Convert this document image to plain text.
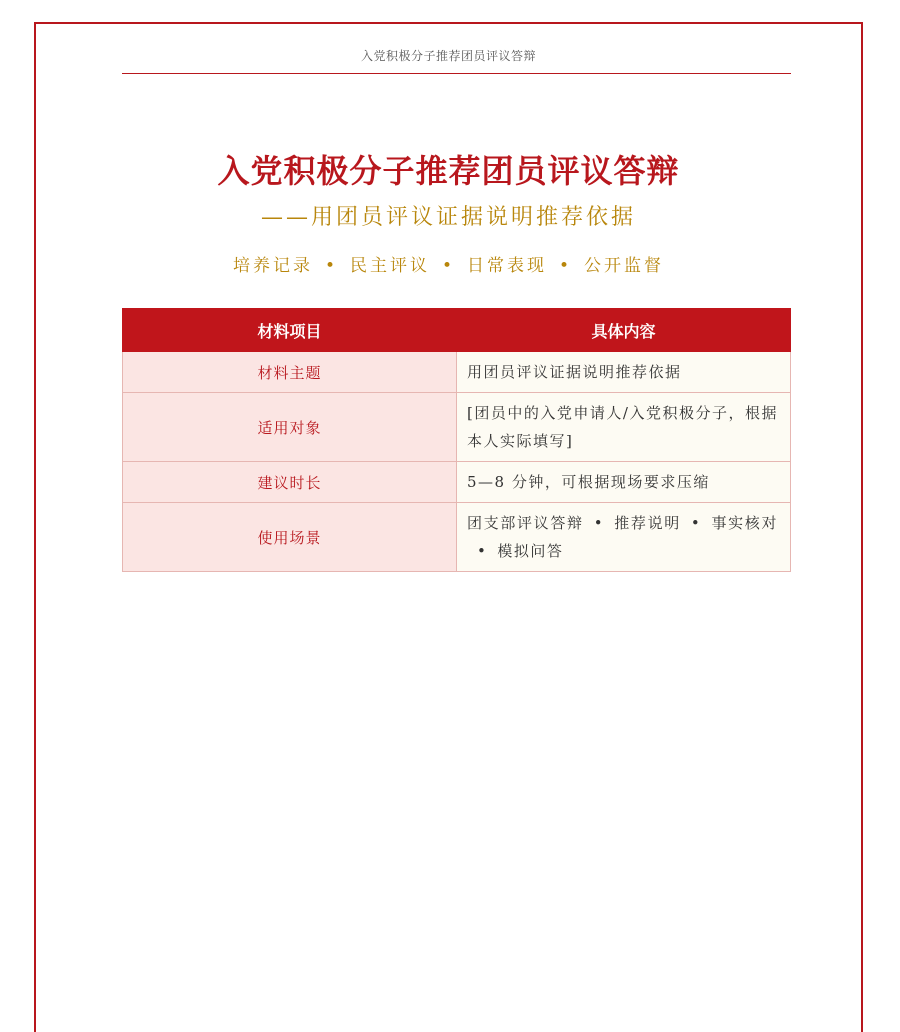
入党积极分子推荐团员评议答辩
入党积极分子推荐团员评议答辩
——用团员评议证据说明推荐依据
培养记录 • 民主评议 • 日常表现 • 公开监督
材料项目	具体内容
材料主题	用团员评议证据说明推荐依据
适用对象	[团员中的入党申请人/入党积极分子，根据本人实际填写]
建议时长	5—8 分钟，可根据现场要求压缩
使用场景	团支部评议答辩 • 推荐说明 • 事实核对• 模拟问答
